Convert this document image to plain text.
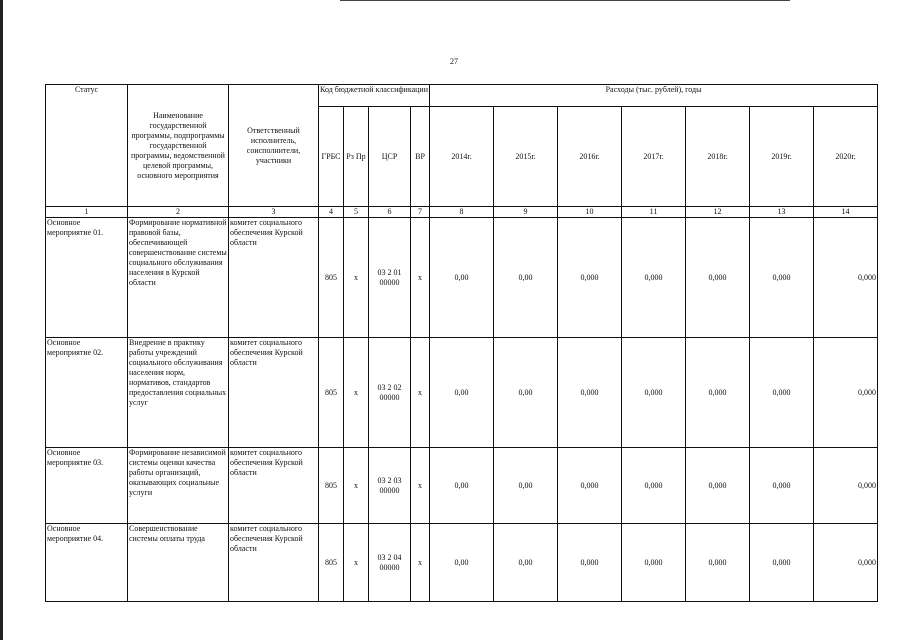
27
Статус	Наименование государственной программы, подпрограммы государственной программы, ведомственной целевой программы, основного мероприятия	Ответственный исполнитель, соисполнители, участники	Код бюджетной классификации				Расходы (тыс. рублей), годы						
			ГРБС	Рз Пр	ЦСР	ВР	2014г.	2015г.	2016г.	2017г.	2018г.	2019г.	2020г.
1	2	3	4	5	6	7	8	9	10	11	12	13	14
Основное мероприятие 01.	Формирование нормативной правовой базы, обеспечивающей совершенствование системы социального обслуживания населения в Курской области	комитет социального обеспечения Курской области	805	х	03 2 01 00000	х	0,00	0,00	0,000	0,000	0,000	0,000	0,000
Основное мероприятие 02.	Внедрение в практику работы учреждений социального обслуживания населения норм, нормативов, стандартов предоставления социальных услуг	комитет социального обеспечения Курской области	805	х	03 2 02 00000	х	0,00	0,00	0,000	0,000	0,000	0,000	0,000
Основное мероприятие 03.	Формирование независимой системы оценки качества работы организаций, оказывающих социальные услуги	комитет социального обеспечения Курской области	805	х	03 2 03 00000	х	0,00	0,00	0,000	0,000	0,000	0,000	0,000
Основное мероприятие 04.	Совершенствование системы оплаты труда	комитет социального обеспечения Курской области	805	х	03 2 04 00000	х	0,00	0,00	0,000	0,000	0,000	0,000	0,000
